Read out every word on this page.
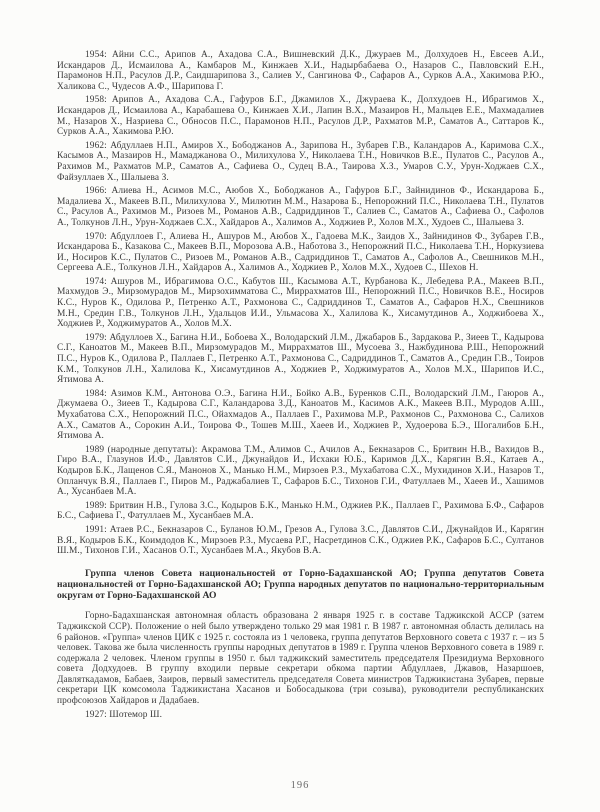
1954: Айни С.С., Арипов А., Ахадова С.А., Вишневский Д.К., Джураев М., Долхудоев Н., Евсеев А.И., Искандаров Д., Исмаилова А., Камбаров М., Кинжаев Х.И., Надырбабаева О., Назаров С., Павловский Е.Н., Парамонов Н.П., Расулов Д.Р., Саидшарипова З., Салиев У., Сангинова Ф., Сафаров А., Сурков А.А., Хакимова Р.Ю., Халикова С., Чудесов А.Ф., Шарипова Г.

1958: Арипов А., Ахадова С.А., Гафуров Б.Г., Джамилов Х., Джураева К., Долхудоев Н., Ибрагимов Х., Искандаров Д., Исмаилова А., Карабашева О., Кинжаев Х.И., Лапин В.Х., Мазаиров Н., Мальцев Е.Е., Махмадалиев М., Назаров Х., Назриева С., Обносов П.С., Парамонов Н.П., Расулов Д.Р., Рахматов М.Р., Саматов А., Саттаров К., Сурков А.А., Хакимова Р.Ю.

1962: Абдуллаев Н.П., Амиров Х., Бободжанов А., Зарипова Н., Зубарев Г.В., Каландаров А., Каримова С.Х., Касымов А., Мазаиров Н., Мамаджанова О., Милихулова У., Николаева Т.Н., Новичков В.Е., Пулатов С., Расулов А., Рахимов М., Рахматов М.Р., Саматов А., Сафиева О., Судец В.А., Таирова Х.З., Умаров С.У., Урун-Ходжаев С.Х., Файзуллаев Х., Шалыева З.

1966: Алиева Н., Асимов М.С., Аюбов Х., Бободжанов А., Гафуров Б.Г., Зайнидинов Ф., Искандарова Б., Мадалиева Х., Макеев В.П., Милихулова У., Милютин М.М., Назарова Б., Непорожний П.С., Николаева Т.Н., Пулатов С., Расулов А., Рахимов М., Ризоев М., Романов А.В., Садриддинов Т., Салиев С., Саматов А., Сафиева О., Сафолов А., Толкунов Л.Н., Урун-Ходжаев С.Х., Хайдаров А., Халимов А., Ходжиев Р., Холов М.Х., Худоев С., Шалыева З.

1970: Абдуллоев Г., Алиева Н., Ашуров М., Аюбов Х., Гадоева М.К., Заидов Х., Зайнидинов Ф., Зубарев Г.В., Искандарова Б., Казакова С., Макеев В.П., Морозова А.В., Наботова З., Непорожний П.С., Николаева Т.Н., Норкузиева И., Носиров К.С., Пулатов С., Ризоев М., Романов А.В., Садриддинов Т., Саматов А., Сафолов А., Свешников М.Н., Сергеева А.Е., Толкунов Л.Н., Хайдаров А., Халимов А., Ходжиев Р., Холов М.Х., Худоев С., Шехов Н.

1974: Ашуров М., Ибрагимова О.С., Кабутов Ш., Касымова А.Т., Курбанова К., Лебедева Р.А., Макеев В.П., Махмудов Э., Мирзомурадов М., Мирзохимматова С., Миррахматов Ш., Непорожний П.С., Новичков В.Е., Носиров К.С., Нуров К., Одилова Р., Петренко А.Т., Рахмонова С., Садриддинов Т., Саматов А., Сафаров Н.Х., Свешников М.Н., Средин Г.В., Толкунов Л.Н., Удальцов И.И., Ульмасова Х., Халилова К., Хисамутдинов А., Ходжибоева Х., Ходжиев Р., Ходжимуратов А., Холов М.Х.

1979: Абдуллоев Х., Багина Н.И., Бобоева Х., Володарский Л.М., Джабаров Б., Зардакова Р., Зиеев Т., Кадырова С.Г., Каноатов М., Макеев В.П., Мирзомурадов М., Миррахматов Ш., Мусоева З., Нажбудинова Р.Ш., Непорожний П.С., Нуров К., Одилова Р., Паллаев Г., Петренко А.Т., Рахмонова С., Садриддинов Т., Саматов А., Средин Г.В., Тоиров К.М., Толкунов Л.Н., Халилова К., Хисамутдинов А., Ходжиев Р., Ходжимуратов А., Холов М.Х., Шарипов И.С., Ятимова А.

1984: Азимов К.М., Антонова О.Э., Багина Н.И., Бойко А.В., Буренков С.П., Володарский Л.М., Гаюров А., Джумаева О., Зиеев Т., Кадырова С.Г., Каландарова З.Д., Каноатов М., Касимов А.К., Макеев В.П., Муродов А.Ш., Мухабатова С.Х., Непорожний П.С., Ойахмадов А., Паллаев Г., Рахимова М.Р., Рахмонов С., Рахмонова С., Салихов А.Х., Саматов А., Сорокин А.И., Тоирова Ф., Тошев М.Ш., Хаеев И., Ходжиев Р., Худоерова Б.Э., Шогалибов Б.Н., Ятимова А.

1989 (народные депутаты): Акрамова Т.М., Алимов С., Ачилов А., Бекназаров С., Бритвин Н.В., Вахидов В., Гиро В.А., Глазунов И.Ф., Давлятов С.И., Джунайдов И., Исхаки Ю.Б., Каримов Д.Х., Карягин В.Я., Катаев А., Кодыров Б.К., Лащенов С.Я., Манонов Х., Манько Н.М., Мирзоев Р.З., Мухабатова С.Х., Мухидинов Х.И., Назаров Т., Опланчук В.Я., Паллаев Г., Пиров М., Раджабалиев Т., Сафаров Б.С., Тихонов Г.И., Фатуллаев М., Хаеев И., Хашимов А., Хусанбаев М.А.

1989: Бритвин Н.В., Гулова З.С., Кодыров Б.К., Манько Н.М., Оджиев Р.К., Паллаев Г., Рахимова Б.Ф., Сафаров Б.С., Сафиева Г., Фатуллаев М., Хусанбаев М.А.

1991: Атаев Р.С., Бекназаров С., Буланов Ю.М., Грезов А., Гулова З.С., Давлятов С.И., Джунайдов И., Карягин В.Я., Кодыров Б.К., Коимдодов К., Мирзоев Р.З., Мусаева Р.Г., Насретдинов С.К., Оджиев Р.К., Сафаров Б.С., Султанов Ш.М., Тихонов Г.И., Хасанов О.Т., Хусанбаев М.А., Якубов В.А.

Группа членов Совета национальностей от Горно-Бадахшанской АО; Группа депутатов Совета национальностей от Горно-Бадахшанской АО; Группа народных депутатов по национально-территориальным округам от Горно-Бадахшанской АО

Горно-Бадахшанская автономная область образована 2 января 1925 г. в составе Таджикской АССР (затем Таджикской ССР). Положение о ней было утверждено только 29 мая 1981 г. В 1987 г. автономная область делилась на 6 районов. «Группа» членов ЦИК с 1925 г. состояла из 1 человека, группа депутатов Верховного совета с 1937 г. – из 5 человек. Такова же была численность группы народных депутатов в 1989 г. Группа членов Верховного совета в 1989 г. содержала 2 человек. Членом группы в 1950 г. был таджикский заместитель председателя Президиума Верховного совета Додхудоев. В группу входили первые секретари обкома партии Абдуллаев, Джавов, Назаршоев, Давляткадамов, Бабаев, Заиров, первый заместитель председателя Совета министров Таджикистана Зубарев, первые секретари ЦК комсомола Таджикистана Хасанов и Бобосадыкова (три созыва), руководители республиканских профсоюзов Хайдаров и Дадабаев.

1927: Шотемор Ш.

196
